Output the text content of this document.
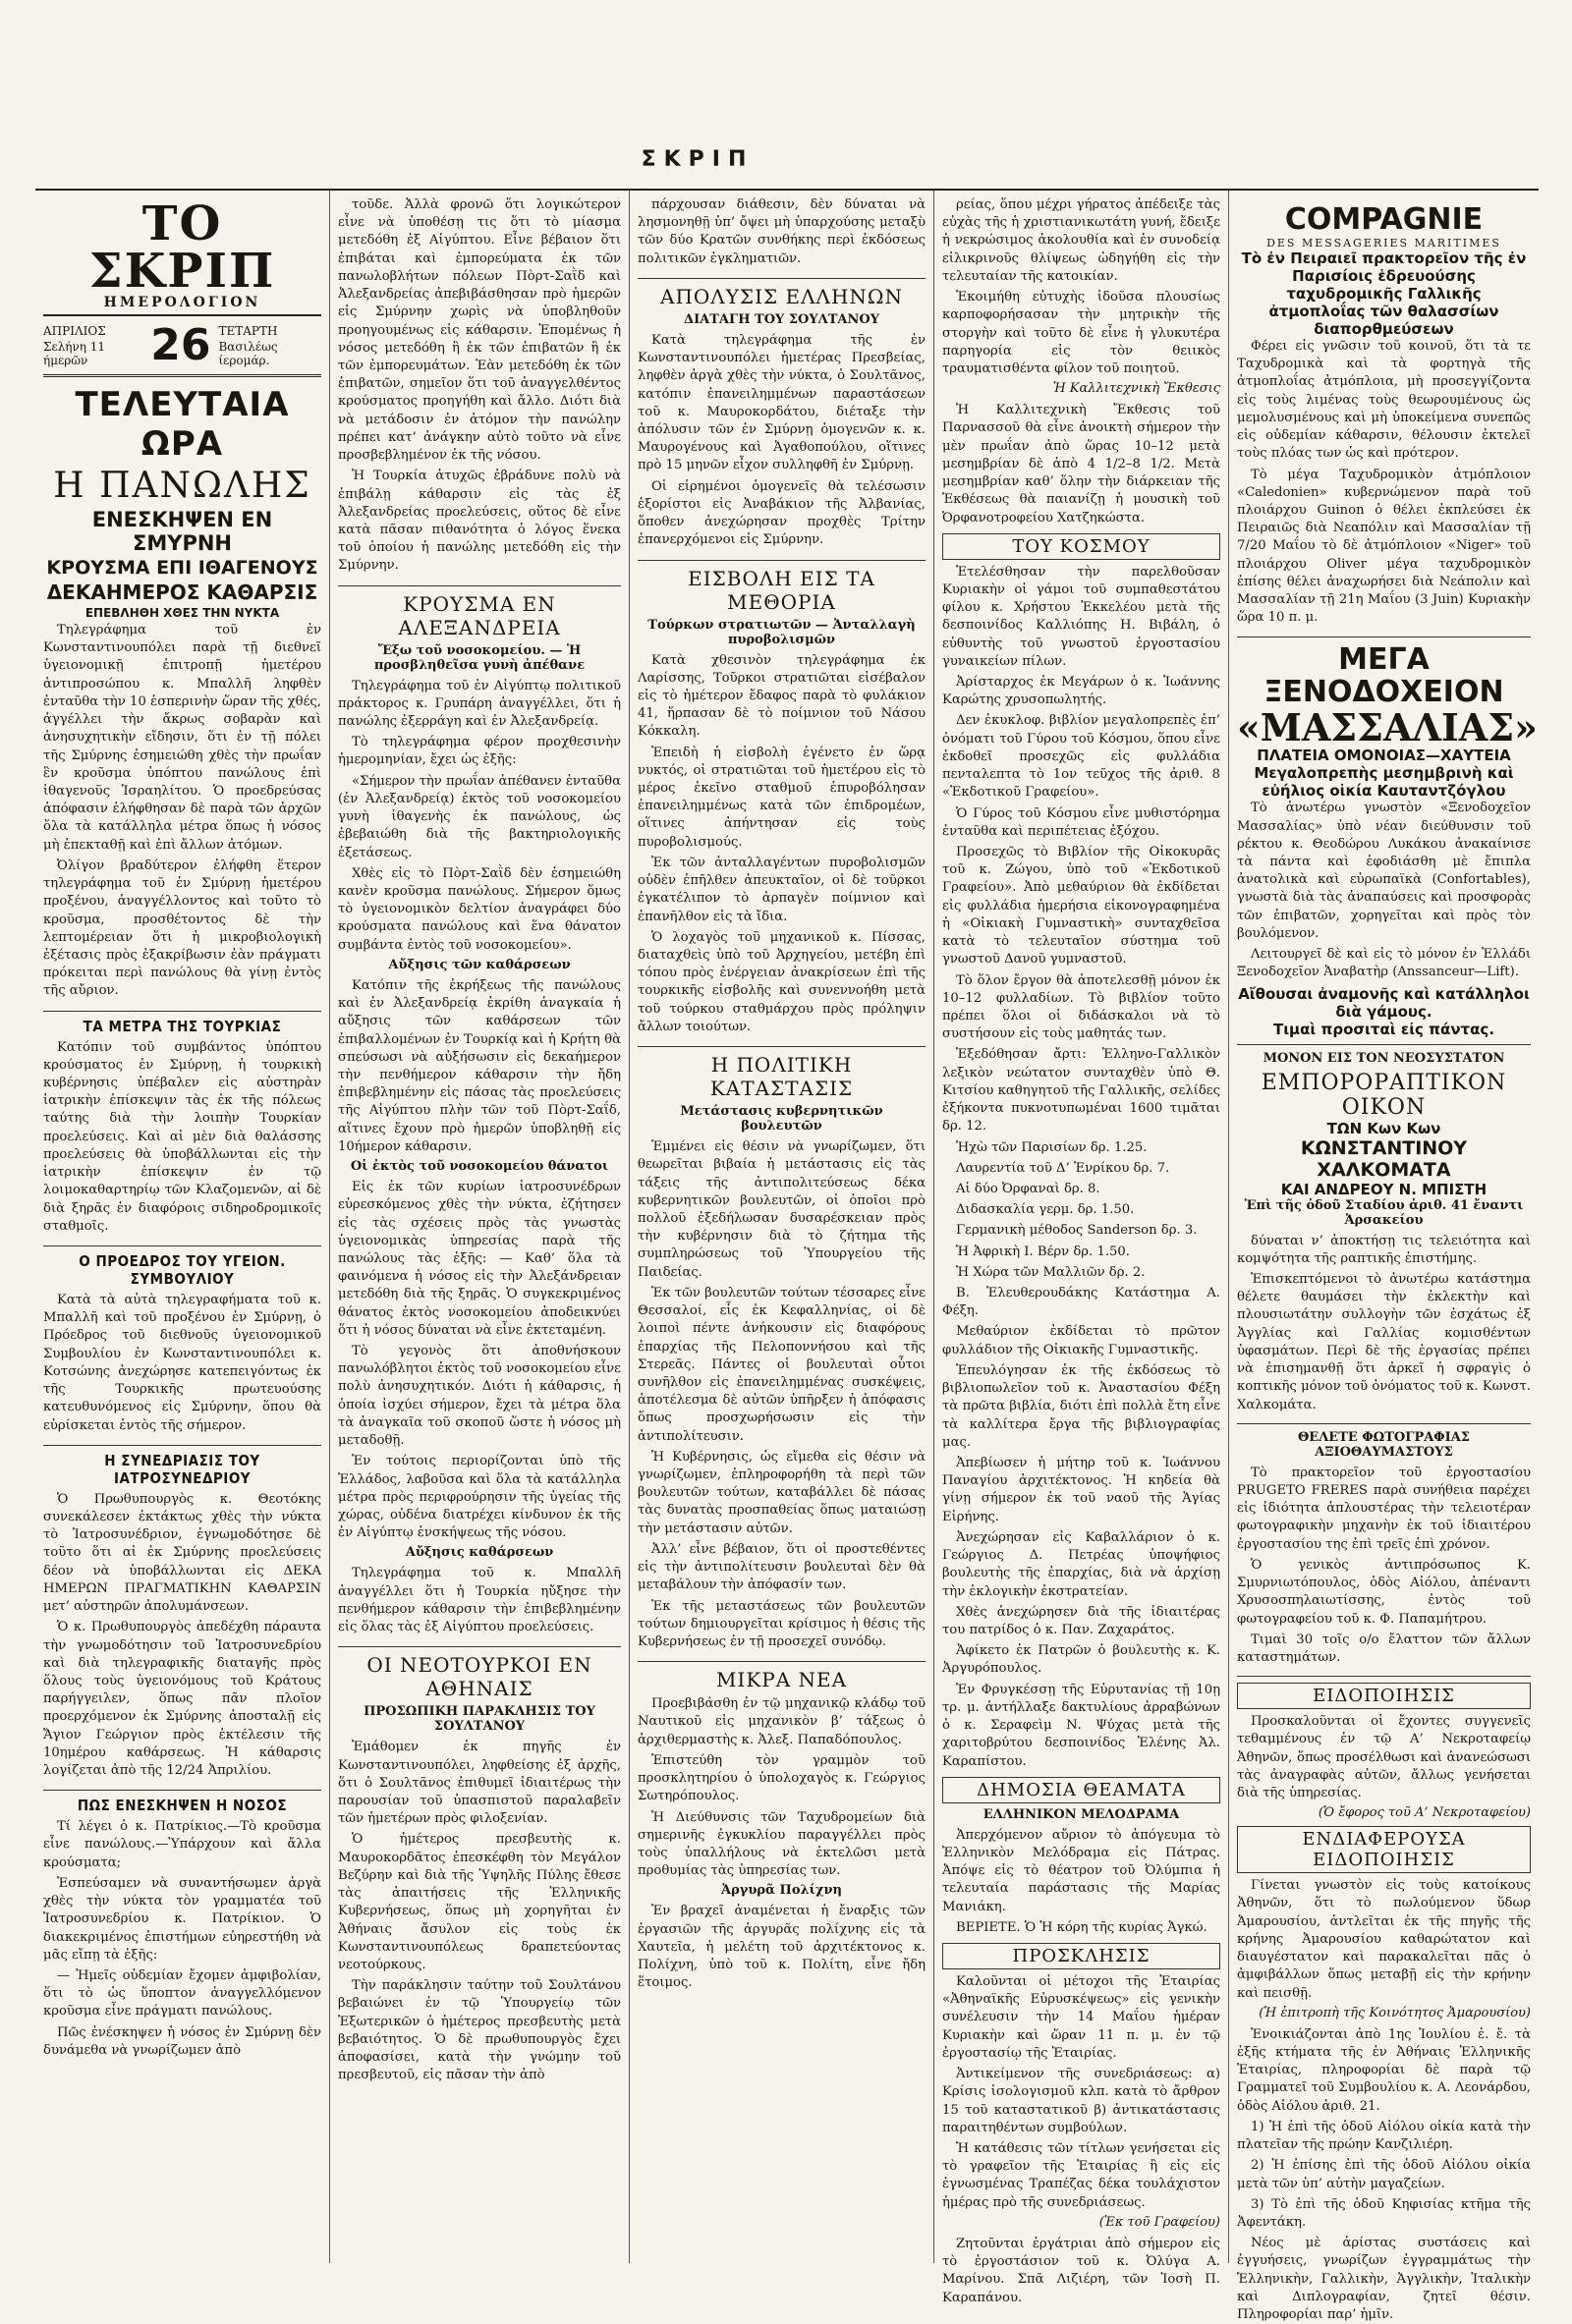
ΣΚΡΙΠ
ΤΟ ΣΚΡΙΠ
ΗΜΕΡΟΛΟΓΙΟΝ
ΑΠΡΙΛΙΟΣ
Σελήνη 11 ήμερῶν	26 ΤΕΤΑΡΤΗ
Βασιλέως ίερομάρ.
ΤΕΛΕΥΤΑΙΑ ΩΡΑ
Η ΠΑΝΩΛΗΣ
ΕΝΕΣΚΗΨΕΝ ΕΝ ΣΜΥΡΝΗ
ΚΡΟΥΣΜΑ ΕΠΙ ΙΘΑΓΕΝΟΥΣ
ΔΕΚΑΗΜΕΡΟΣ ΚΑΘΑΡΣΙΣ
ΕΠΕΒΛΗΘΗ ΧΘΕΣ ΤΗΝ ΝΥΚΤΑ

Τηλεγράφημα τοῦ ἐν Κωνσταντινουπόλει παρὰ τῇ διεθνεῖ ὑγειονομικῇ ἐπιτροπῇ ἡμετέρου ἀντιπροσώπου κ. Μπαλλῆ ληφθὲν ἐνταῦθα τὴν 10 ἑσπερινὴν ὥραν τῆς χθές, ἀγγέλλει τὴν ἄκρως σοβαρὰν καὶ ἀνησυχητικὴν εἴδησιν, ὅτι ἐν τῇ πόλει τῆς Σμύρνης ἐσημειώθη χθὲς τὴν πρωΐαν ἓν κροῦσμα ὑπόπτου πανώλους ἐπὶ ἰθαγενοῦς Ἰσραηλίτου. Ὁ προεδρεύσας ἀπόφασιν ἐλήφθησαν δὲ παρὰ τῶν ἀρχῶν ὅλα τὰ κατάλληλα μέτρα ὅπως ἡ νόσος μὴ ἐπεκταθῇ καὶ ἐπὶ ἄλλων ἀτόμων.

Ὀλίγον βραδύτερον ἐλήφθη ἕτερον τηλεγράφημα τοῦ ἐν Σμύρνῃ ἡμετέρου προξένου, ἀναγγέλλοντος καὶ τοῦτο τὸ κροῦσμα, προσθέτοντος δὲ τὴν λεπτομέρειαν ὅτι ἡ μικροβιολογικὴ ἐξέτασις πρὸς ἐξακρίβωσιν ἐὰν πράγματι πρόκειται περὶ πανώλους θὰ γίνῃ ἐντὸς τῆς αὔριον.

ΤΑ ΜΕΤΡΑ ΤΗΣ ΤΟΥΡΚΙΑΣ

Κατόπιν τοῦ συμβάντος ὑπόπτου κρούσματος ἐν Σμύρνῃ, ἡ τουρκικὴ κυβέρνησις ὑπέβαλεν εἰς αὐστηρὰν ἰατρικὴν ἐπίσκεψιν τὰς ἐκ τῆς πόλεως ταύτης διὰ τὴν λοιπὴν Τουρκίαν προελεύσεις. Καὶ αἱ μὲν διὰ θαλάσσης προελεύσεις θὰ ὑποβάλλωνται εἰς τὴν ἰατρικὴν ἐπίσκεψιν ἐν τῷ λοιμοκαθαρτηρίῳ τῶν Κλαζομενῶν, αἱ δὲ διὰ ξηρᾶς ἐν διαφόροις σιδηροδρομικοῖς σταθμοῖς.

Ο ΠΡΟΕΔΡΟΣ ΤΟΥ ΥΓΕΙΟΝ. ΣΥΜΒΟΥΛΙΟΥ

Κατὰ τὰ αὐτὰ τηλεγραφήματα τοῦ κ. Μπαλλῆ καὶ τοῦ προξένου ἐν Σμύρνῃ, ὁ Πρόεδρος τοῦ διεθνοῦς ὑγειονομικοῦ Συμβουλίου ἐν Κωνσταντινουπόλει κ. Κοτσώνης ἀνεχώρησε κατεπειγόντως ἐκ τῆς Τουρκικῆς πρωτευούσης κατευθυνόμενος εἰς Σμύρνην, ὅπου θὰ εὑρίσκεται ἐντὸς τῆς σήμερον.

Η ΣΥΝΕΔΡΙΑΣΙΣ ΤΟΥ ΙΑΤΡΟΣΥΝΕΔΡΙΟΥ

Ὁ Πρωθυπουργὸς κ. Θεοτόκης συνεκάλεσεν ἐκτάκτως χθὲς τὴν νύκτα τὸ Ἰατροσυνέδριον, ἐγνωμοδότησε δὲ τοῦτο ὅτι αἱ ἐκ Σμύρνης προελεύσεις δέον νὰ ὑποβάλλωνται εἰς ΔΕΚΑ ΗΜΕΡΩΝ ΠΡΑΓΜΑΤΙΚΗΝ ΚΑΘΑΡΣΙΝ μετ’ αὐστηρῶν ἀπολυμάνσεων.

Ὁ κ. Πρωθυπουργὸς ἀπεδέχθη πάραυτα τὴν γνωμοδότησιν τοῦ Ἰατροσυνεδρίου καὶ διὰ τηλεγραφικῆς διαταγῆς πρὸς ὅλους τοὺς ὑγειονόμους τοῦ Κράτους παρήγγειλεν, ὅπως πᾶν πλοῖον προερχόμενον ἐκ Σμύρνης ἀποσταλῇ εἰς Ἄγιον Γεώργιον πρὸς ἐκτέλεσιν τῆς 10ημέρου καθάρσεως. Ἡ κάθαρσις λογίζεται ἀπὸ τῆς 12/24 Ἀπριλίου.

ΠΩΣ ΕΝΕΣΚΗΨΕΝ Η ΝΟΣΟΣ

Τί λέγει ὁ κ. Πατρίκιος.—Τὸ κροῦσμα εἶνε πανώλους.—Ὑπάρχουν καὶ ἄλλα κρούσματα;

Ἐσπεύσαμεν νὰ συναντήσωμεν ἀργὰ χθὲς τὴν νύκτα τὸν γραμματέα τοῦ Ἰατροσυνεδρίου κ. Πατρίκιον. Ὁ διακεκριμένος ἐπιστήμων εὐηρεστήθη νὰ μᾶς εἴπῃ τὰ ἑξῆς:

— Ἡμεῖς οὐδεμίαν ἔχομεν ἀμφιβολίαν, ὅτι τὸ ὡς ὕποπτον ἀναγγελλόμενον κροῦσμα εἶνε πράγματι πανώλους.

Πῶς ἐνέσκηψεν ἡ νόσος ἐν Σμύρνῃ δὲν δυνάμεθα νὰ γνωρίζωμεν ἀπὸ

τοῦδε. Ἀλλὰ φρονῶ ὅτι λογικώτερον εἶνε νὰ ὑποθέσῃ τις ὅτι τὸ μίασμα μετεδόθη ἐξ Αἰγύπτου. Εἶνε βέβαιον ὅτι ἐπιβάται καὶ ἐμπορεύματα ἐκ τῶν πανωλοβλήτων πόλεων Πὸρτ-Σαῒδ καὶ Ἀλεξανδρείας ἀπεβιβάσθησαν πρὸ ἡμερῶν εἰς Σμύρνην χωρὶς νὰ ὑποβληθοῦν προηγουμένως εἰς κάθαρσιν. Ἑπομένως ἡ νόσος μετεδόθη ἢ ἐκ τῶν ἐπιβατῶν ἢ ἐκ τῶν ἐμπορευμάτων. Ἐὰν μετεδόθη ἐκ τῶν ἐπιβατῶν, σημεῖον ὅτι τοῦ ἀναγγελθέντος κρούσματος προηγήθη καὶ ἄλλο. Διότι διὰ νὰ μετάδοσιν ἐν ἀτόμον τὴν πανώλην πρέπει κατ’ ἀνάγκην αὐτὸ τοῦτο νὰ εἶνε προσβεβλημένον ἐκ τῆς νόσου.

Ἡ Τουρκία ἀτυχῶς ἐβράδυνε πολὺ νὰ ἐπιβάλῃ κάθαρσιν εἰς τὰς ἐξ Ἀλεξανδρείας προελεύσεις, οὕτος δὲ εἶνε κατὰ πᾶσαν πιθανότητα ὁ λόγος ἕνεκα τοῦ ὁποίου ἡ πανώλης μετεδόθη εἰς τὴν Σμύρνην.

ΚΡΟΥΣΜΑ ΕΝ ΑΛΕΞΑΝΔΡΕΙΑ
Ἔξω τοῦ νοσοκομείου. — Ἡ προσβληθεῖσα γυνὴ ἀπέθανε

Τηλεγράφημα τοῦ ἐν Αἰγύπτῳ πολιτικοῦ πράκτορος κ. Γρυπάρη ἀναγγέλλει, ὅτι ἡ πανώλης ἐξερράγη καὶ ἐν Ἀλεξανδρείᾳ.

Τὸ τηλεγράφημα φέρον προχθεσινὴν ἡμερομηνίαν, ἔχει ὡς ἑξῆς:

«Σήμερον τὴν πρωΐαν ἀπέθανεν ἐνταῦθα (ἐν Ἀλεξανδρείᾳ) ἐκτὸς τοῦ νοσοκομείου γυνὴ ἰθαγενὴς ἐκ πανώλους, ὡς ἐβεβαιώθη διὰ τῆς βακτηριολογικῆς ἐξετάσεως.

Χθὲς εἰς τὸ Πὸρτ-Σαῒδ δὲν ἐσημειώθη κανὲν κροῦσμα πανώλους. Σήμερον ὅμως τὸ ὑγειονομικὸν δελτίον ἀναγράφει δύο κρούσματα πανώλους καὶ ἕνα θάνατον συμβάντα ἐντὸς τοῦ νοσοκομείου».

Αὔξησις τῶν καθάρσεων

Κατόπιν τῆς ἐκρήξεως τῆς πανώλους καὶ ἐν Ἀλεξανδρείᾳ ἐκρίθη ἀναγκαία ἡ αὔξησις τῶν καθάρσεων τῶν ἐπιβαλλομένων ἐν Τουρκίᾳ καὶ ἡ Κρήτη θὰ σπεύσωσι νὰ αὐξήσωσιν εἰς δεκαήμερον τὴν πενθήμερον κάθαρσιν τὴν ἤδη ἐπιβεβλημένην εἰς πάσας τὰς προελεύσεις τῆς Αἰγύπτου πλὴν τῶν τοῦ Πὸρτ-Σαΐδ, αἵτινες ἔχουν πρὸ ἡμερῶν ὑποβληθῇ εἰς 10ήμερον κάθαρσιν.

Οἱ ἐκτὸς τοῦ νοσοκομείου θάνατοι

Εἰς ἐκ τῶν κυρίων ἰατροσυνέδρων εὑρεσκόμενος χθὲς τὴν νύκτα, ἐζήτησεν εἰς τὰς σχέσεις πρὸς τὰς γνωστὰς ὑγειονομικὰς ὑπηρεσίας παρὰ τῆς πανώλους τὰς ἑξῆς: — Καθ’ ὅλα τὰ φαινόμενα ἡ νόσος εἰς τὴν Ἀλεξάνδρειαν μετεδόθη διὰ τῆς ξηρᾶς. Ὁ συγκεκριμένος θάνατος ἐκτὸς νοσοκομείου ἀποδεικνύει ὅτι ἡ νόσος δύναται νὰ εἶνε ἐκτεταμένη.

Τὸ γεγονὸς ὅτι ἀποθνήσκουν πανωλόβλητοι ἐκτὸς τοῦ νοσοκομείου εἶνε πολὺ ἀνησυχητικόν. Διότι ἡ κάθαρσις, ἡ ὁποία ἰσχύει σήμερον, ἔχει τὰ μέτρα ὅλα τὰ ἀναγκαῖα τοῦ σκοποῦ ὥστε ἡ νόσος μὴ μεταδοθῇ.

Ἐν τούτοις περιορίζονται ὑπὸ τῆς Ἑλλάδος, λαβοῦσα καὶ ὅλα τὰ κατάλληλα μέτρα πρὸς περιφρούρησιν τῆς ὑγείας τῆς χώρας, οὐδένα διατρέχει κίνδυνον ἐκ τῆς ἐν Αἰγύπτῳ ἐνσκήψεως τῆς νόσου.

Αὔξησις καθάρσεων

Τηλεγράφημα τοῦ κ. Μπαλλῆ ἀναγγέλλει ὅτι ἡ Τουρκία ηὔξησε τὴν πενθήμερον κάθαρσιν τὴν ἐπιβεβλημένην εἰς ὅλας τὰς ἐξ Αἰγύπτου προελεύσεις.

ΟΙ ΝΕΟΤΟΥΡΚΟΙ ΕΝ ΑΘΗΝΑΙΣ
ΠΡΟΣΩΠΙΚΗ ΠΑΡΑΚΛΗΣΙΣ ΤΟΥ ΣΟΥΛΤΑΝΟΥ

Ἐμάθομεν ἐκ πηγῆς ἐν Κωνσταντινουπόλει, ληφθείσης ἐξ ἀρχῆς, ὅτι ὁ Σουλτᾶνος ἐπιθυμεῖ ἰδιαιτέρως τὴν παρουσίαν τοῦ ὑπασπιστοῦ παραλαβεῖν τῶν ἡμετέρων πρὸς φιλοξενίαν.

Ὁ ἡμέτερος πρεσβευτὴς κ. Μαυροκορδᾶτος ἐπεσκέφθη τὸν Μεγάλον Βεζύρην καὶ διὰ τῆς Ὑψηλῆς Πύλης ἔθεσε τὰς ἀπαιτήσεις τῆς Ἑλληνικῆς Κυβερνήσεως, ὅπως μὴ χορηγῆται ἐν Ἀθήναις ἄσυλον εἰς τοὺς ἐκ Κωνσταντινουπόλεως δραπετεύοντας νεοτούρκους.

Τὴν παράκλησιν ταύτην τοῦ Σουλτάνου βεβαιώνει ἐν τῷ Ὑπουργείῳ τῶν Ἐξωτερικῶν ὁ ἡμέτερος πρεσβευτὴς μετὰ βεβαιότητος. Ὁ δὲ πρωθυπουργὸς ἔχει ἀποφασίσει, κατὰ τὴν γνώμην τοῦ πρεσβευτοῦ, εἰς πᾶσαν τὴν ἀπὸ

πάρχουσαν διάθεσιν, δὲν δύναται νὰ λησμονηθῇ ὑπ’ ὄψει μὴ ὑπαρχούσης μεταξὺ τῶν δύο Κρατῶν συνθήκης περὶ ἐκδόσεως πολιτικῶν ἐγκληματιῶν.

ΑΠΟΛΥΣΙΣ ΕΛΛΗΝΩΝ
ΔΙΑΤΑΓΗ ΤΟΥ ΣΟΥΛΤΑΝΟΥ

Κατὰ τηλεγράφημα τῆς ἐν Κωνσταντινουπόλει ἡμετέρας Πρεσβείας, ληφθὲν ἀργὰ χθὲς τὴν νύκτα, ὁ Σουλτᾶνος, κατόπιν ἐπανειλημμένων παραστάσεων τοῦ κ. Μαυροκορδάτου, διέταξε τὴν ἀπόλυσιν τῶν ἐν Σμύρνῃ ὁμογενῶν κ. κ. Μαυρογένους καὶ Ἀγαθοπούλου, οἵτινες πρὸ 15 μηνῶν εἶχον συλληφθῆ ἐν Σμύρνῃ.

Οἱ εἰρημένοι ὁμογενεῖς θὰ τελέσωσιν ἐξορίστοι εἰς Ἀναβάκιον τῆς Ἀλβανίας, ὅποθεν ἀνεχώρησαν προχθὲς Τρίτην ἐπανερχόμενοι εἰς Σμύρνην.

ΕΙΣΒΟΛΗ ΕΙΣ ΤΑ ΜΕΘΟΡΙΑ
Τούρκων στρατιωτῶν — Ἀνταλλαγὴ πυροβολισμῶν

Κατὰ χθεσινὸν τηλεγράφημα ἐκ Λαρίσσης, Τοῦρκοι στρατιῶται εἰσέβαλον εἰς τὸ ἡμέτερον ἔδαφος παρὰ τὸ φυλάκιον 41, ἥρπασαν δὲ τὸ ποίμνιον τοῦ Νάσου Κόκκαλη.

Ἐπειδὴ ἡ εἰσβολὴ ἐγένετο ἐν ὥρᾳ νυκτός, οἱ στρατιῶται τοῦ ἡμετέρου εἰς τὸ μέρος ἐκεῖνο σταθμοῦ ἐπυροβόλησαν ἐπανειλημμένως κατὰ τῶν ἐπιδρομέων, οἵτινες ἀπήντησαν εἰς τοὺς πυροβολισμούς.

Ἐκ τῶν ἀνταλλαγέντων πυροβολισμῶν οὐδὲν ἐπῆλθεν ἀπευκταῖον, οἱ δὲ τοῦρκοι ἐγκατέλιπον τὸ ἁρπαγὲν ποίμνιον καὶ ἐπανῆλθον εἰς τὰ ἴδια.

Ὁ λοχαγὸς τοῦ μηχανικοῦ κ. Πίσσας, διαταχθεὶς ὑπὸ τοῦ Ἀρχηγείου, μετέβη ἐπὶ τόπου πρὸς ἐνέργειαν ἀνακρίσεων ἐπὶ τῆς τουρκικῆς εἰσβολῆς καὶ συνεννοήθη μετὰ τοῦ τούρκου σταθμάρχου πρὸς πρόληψιν ἄλλων τοιούτων.

Η ΠΟΛΙΤΙΚΗ ΚΑΤΑΣΤΑΣΙΣ
Μετάστασις κυβερνητικῶν βουλευτῶν

Ἐμμένει εἰς θέσιν νὰ γνωρίζωμεν, ὅτι θεωρεῖται βιβαία ἡ μετάστασις εἰς τὰς τάξεις τῆς ἀντιπολιτεύσεως δέκα κυβερνητικῶν βουλευτῶν, οἱ ὁποῖοι πρὸ πολλοῦ ἐξεδήλωσαν δυσαρέσκειαν πρὸς τὴν κυβέρνησιν διὰ τὸ ζήτημα τῆς συμπληρώσεως τοῦ Ὑπουργείου τῆς Παιδείας.

Ἐκ τῶν βουλευτῶν τούτων τέσσαρες εἶνε Θεσσαλοί, εἷς ἐκ Κεφαλληνίας, οἱ δὲ λοιποὶ πέντε ἀνήκουσιν εἰς διαφόρους ἐπαρχίας τῆς Πελοποννήσου καὶ τῆς Στερεᾶς. Πάντες οἱ βουλευταὶ οὗτοι συνῆλθον εἰς ἐπανειλημμένας συσκέψεις, ἀποτέλεσμα δὲ αὐτῶν ὑπῆρξεν ἡ ἀπόφασις ὅπως προσχωρήσωσιν εἰς τὴν ἀντιπολίτευσιν.

Ἡ Κυβέρνησις, ὡς εἴμεθα εἰς θέσιν νὰ γνωρίζωμεν, ἐπληροφορήθη τὰ περὶ τῶν βουλευτῶν τούτων, καταβάλλει δὲ πάσας τὰς δυνατὰς προσπαθείας ὅπως ματαιώσῃ τὴν μετάστασιν αὐτῶν.

Ἀλλ’ εἶνε βέβαιον, ὅτι οἱ προστεθέντες εἰς τὴν ἀντιπολίτευσιν βουλευταὶ δὲν θὰ μεταβάλουν τὴν ἀπόφασίν των.

Ἐκ τῆς μεταστάσεως τῶν βουλευτῶν τούτων δημιουργεῖται κρίσιμος ἡ θέσις τῆς Κυβερνήσεως ἐν τῇ προσεχεῖ συνόδῳ.

ΜΙΚΡΑ ΝΕΑ

Προεβιβάσθη ἐν τῷ μηχανικῷ κλάδῳ τοῦ Ναυτικοῦ εἰς μηχανικὸν β’ τάξεως ὁ ἀρχιθερμαστὴς κ. Ἀλεξ. Παπαδόπουλος.

Ἐπιστεύθη τὸν γραμμὸν τοῦ προσκλητηρίου ὁ ὑπολοχαγὸς κ. Γεώργιος Σωτηρόπουλος.

Ἡ Διεύθυνσις τῶν Ταχυδρομείων διὰ σημερινῆς ἐγκυκλίου παραγγέλλει πρὸς τοὺς ὑπαλλήλους νὰ ἐκτελῶσι μετὰ προθυμίας τὰς ὑπηρεσίας των.

Ἀργυρᾶ Πολίχνη

Ἐν βραχεῖ ἀναμένεται ἡ ἔναρξις τῶν ἐργασιῶν τῆς ἀργυρᾶς πολίχνης εἰς τὰ Χαυτεῖα, ἡ μελέτη τοῦ ἀρχιτέκτονος κ. Πολίχνη, ὑπὸ τοῦ κ. Πολίτη, εἶνε ἤδη ἕτοιμος.

ρείας, ὅπου μέχρι γήρατος ἀπέδειξε τὰς εὐχὰς τῆς ἡ χριστιανικωτάτη γυνή, ἔδειξε ἡ νεκρώσιμος ἀκολουθία καὶ ἐν συνοδείᾳ εἰλικρινοῦς θλίψεως ὡδηγήθη εἰς τὴν τελευταίαν τῆς κατοικίαν.

Ἐκοιμήθη εὐτυχὴς ἰδοῦσα πλουσίως καρποφορήσασαν τὴν μητρικὴν τῆς στοργὴν καὶ τοῦτο δὲ εἶνε ἡ γλυκυτέρα παρηγορία εἰς τὸν θειικὸς τραυματισθέντα φίλον τοῦ ποιητοῦ.

Ἡ Καλλιτεχνικὴ Ἔκθεσις

Ἡ Καλλιτεχνικὴ Ἔκθεσις τοῦ Παρνασσοῦ θὰ εἶνε ἀνοικτὴ σήμερον τὴν μὲν πρωΐαν ἀπὸ ὥρας 10–12 μετὰ μεσημβρίαν δὲ ἀπὸ 4 1/2–8 1/2. Μετὰ μεσημβρίαν καθ’ ὅλην τὴν διάρκειαν τῆς Ἐκθέσεως θὰ παιανίζῃ ἡ μουσικὴ τοῦ Ὀρφανοτροφείου Χατζηκώστα.

ΤΟΥ ΚΟΣΜΟΥ

Ἐτελέσθησαν τὴν παρελθοῦσαν Κυριακὴν οἱ γάμοι τοῦ συμπαθεστάτου φίλου κ. Χρήστου Ἐκκελέου μετὰ τῆς δεσποινίδος Καλλιόπης Η. Βιβάλη, ὁ εὐθυντὴς τοῦ γνωστοῦ ἐργοστασίου γυναικείων πίλων.

Ἀρίσταρχος ἐκ Μεγάρων ὁ κ. Ἰωάννης Καρώτης χρυσοπωλητής.

Δεν ἐκυκλοφ. βιβλίον μεγαλοπρεπὲς ἐπ’ ὀνόματι τοῦ Γύρου τοῦ Κόσμου, ὅπου εἶνε ἐκδοθεῖ προσεχῶς εἰς φυλλάδια πενταλεπτα τὸ 1ον τεῦχος τῆς ἀριθ. 8 «Ἐκδοτικοῦ Γραφείου».

Ὁ Γύρος τοῦ Κόσμου εἶνε μυθιστόρημα ἐνταῦθα καὶ περιπέτειας ἐξόχου.

Προσεχῶς τὸ Βιβλίον τῆς Οἰκοκυρᾶς τοῦ κ. Ζώγου, ὑπὸ τοῦ «Ἐκδοτικοῦ Γραφείου». Ἀπὸ μεθαύριον θὰ ἐκδίδεται εἰς φυλλάδια ἡμερήσια εἰκονογραφημένα ἡ «Οἰκιακὴ Γυμναστικὴ» συνταχθεῖσα κατὰ τὸ τελευταῖον σύστημα τοῦ γνωστοῦ Δανοῦ γυμναστοῦ.

Τὸ ὅλον ἔργον θὰ ἀποτελεσθῇ μόνον ἐκ 10–12 φυλλαδίων. Τὸ βιβλίον τοῦτο πρέπει ὅλοι οἱ διδάσκαλοι νὰ τὸ συστήσουν εἰς τοὺς μαθητάς των.

Ἐξεδόθησαν ἄρτι: Ἑλληνο-Γαλλικὸν λεξικὸν νεώτατον συνταχθὲν ὑπὸ Θ. Κιτσίου καθηγητοῦ τῆς Γαλλικῆς, σελίδες ἐξήκοντα πυκνοτυπωμέναι 1600 τιμᾶται δρ. 12.

Ἠχὼ τῶν Παρισίων δρ. 1.25.

Λαυρεντία τοῦ Δ’ Ἐνρίκου δρ. 7.

Αἱ δύο Ὀρφαναὶ δρ. 8.

Διδασκαλία γερμ. δρ. 1.50.

Γερμανικὴ μέθοδος Sanderson δρ. 3.

Ἡ Ἀφρικὴ Ι. Βέρν δρ. 1.50.

Ἡ Χώρα τῶν Μαλλιῶν δρ. 2.

Β. Ἐλευθερουδάκης Κατάστημα Α. Φέξη.

Μεθαύριον ἐκδίδεται τὸ πρῶτον φυλλάδιον τῆς Οἰκιακῆς Γυμναστικῆς.

Ἐπευλόγησαν ἐκ τῆς ἐκδόσεως τὸ βιβλιοπωλεῖον τοῦ κ. Ἀναστασίου Φέξη τὰ πρῶτα βιβλία, διότι ἐπὶ πολλὰ ἔτη εἶνε τὰ καλλίτερα ἔργα τῆς βιβλιογραφίας μας.

Ἀπεβίωσεν ἡ μήτηρ τοῦ κ. Ἰωάννου Παναγίου ἀρχιτέκτονος. Ἡ κηδεία θὰ γίνῃ σήμερον ἐκ τοῦ ναοῦ τῆς Ἁγίας Εἰρήνης.

Ἀνεχώρησαν εἰς Καβαλλάριον ὁ κ. Γεώργιος Δ. Πετρέας ὑποψήφιος βουλευτὴς τῆς ἐπαρχίας, διὰ νὰ ἀρχίσῃ τὴν ἐκλογικὴν ἐκστρατείαν.

Χθὲς ἀνεχώρησεν διὰ τῆς ἰδιαιτέρας του πατρίδος ὁ κ. Παν. Ζαχαράτος.

Ἀφίκετο ἐκ Πατρῶν ὁ βουλευτὴς κ. Κ. Ἀργυρόπουλος.

Ἐν Φρυγκέσσῃ τῆς Εὐρυτανίας τῇ 10ῃ τρ. μ. ἀντήλλαξε δακτυλίους ἀρραβώνων ὁ κ. Σεραφεὶμ Ν. Ψύχας μετὰ τῆς χαριτοβρύτου δεσποινίδος Ἑλένης Ἀλ. Καραπίστου.

ΔΗΜΟΣΙΑ ΘΕΑΜΑΤΑ
ΕΛΛΗΝΙΚΟΝ ΜΕΛΟΔΡΑΜΑ

Ἀπερχόμενον αὔριον τὸ ἀπόγευμα τὸ Ἑλληνικὸν Μελόδραμα εἰς Πάτρας. Ἀπόψε εἰς τὸ θέατρον τοῦ Ὀλύμπια ἡ τελευταία παράστασις τῆς Μαρίας Μανιάκη.

ΒΕΡΙΕΤΕ. Ὁ Ἡ κόρη τῆς κυρίας Ἀγκώ.

ΠΡΟΣΚΛΗΣΙΣ

Καλοῦνται οἱ μέτοχοι τῆς Ἑταιρίας «Ἀθηναϊκῆς Εὐρυσκέψεως» εἰς γενικὴν συνέλευσιν τὴν 14 Μαΐου ἡμέραν Κυριακὴν καὶ ὥραν 11 π. μ. ἐν τῷ ἐργοστασίῳ τῆς Ἑταιρίας.

Ἀντικείμενον τῆς συνεδριάσεως: α) Κρίσις ἰσολογισμοῦ κλπ. κατὰ τὸ ἄρθρον 15 τοῦ καταστατικοῦ β) ἀντικατάστασις παραιτηθέντων συμβούλων.

Ἡ κατάθεσις τῶν τίτλων γενήσεται εἰς τὸ γραφεῖον τῆς Ἑταιρίας ἢ εἰς εἰς ἐγνωσμένας Τραπέζας δέκα τουλάχιστον ἡμέρας πρὸ τῆς συνεδριάσεως.

(Ἐκ τοῦ Γραφείου)

Ζητοῦνται ἐργάτριαι ἀπὸ σήμερον εἰς τὸ ἐργοστάσιον τοῦ κ. Ὀλύγα Α. Μαρίνου. Σπᾶ Λιζιέρη, τῶν Ἰοσὴ Π. Καραπάνου.

COMPAGNIE
DES MESSAGERIES MARITIMES
Τὸ ἐν Πειραιεῖ πρακτορεῖον τῆς ἐν Παρισίοις ἑδρευούσης ταχυδρομικῆς Γαλλικῆς ἀτμοπλοΐας τῶν θαλασσίων διαπορθμεύσεων

Φέρει εἰς γνῶσιν τοῦ κοινοῦ, ὅτι τὰ τε Ταχυδρομικὰ καὶ τὰ φορτηγὰ τῆς ἀτμοπλοΐας ἀτμόπλοια, μὴ προσεγγίζοντα εἰς τοὺς λιμένας τοὺς θεωρουμένους ὡς μεμολυσμένους καὶ μὴ ὑποκείμενα συνεπῶς εἰς οὐδεμίαν κάθαρσιν, θέλουσιν ἐκτελεῖ τοὺς πλόας των ὡς καὶ πρότερον.

Τὸ μέγα Ταχυδρομικὸν ἀτμόπλοιον «Caledonien» κυβερνώμενον παρὰ τοῦ πλοιάρχου Guinon ὁ θέλει ἐκπλεύσει ἐκ Πειραιῶς διὰ Νεαπόλιν καὶ Μασσαλίαν τῇ 7/20 Μαΐου τὸ δὲ ἀτμόπλοιον «Niger» τοῦ πλοιάρχου Oliver μέγα ταχυδρομικὸν ἐπίσης θέλει ἀναχωρήσει διὰ Νεάπολιν καὶ Μασσαλίαν τῇ 21η Μαΐου (3 Juin) Κυριακὴν ὥρα 10 π. μ.

ΜΕΓΑ ΞΕΝΟΔΟΧΕΙΟΝ
«ΜΑΣΣΑΛΙΑΣ»
ΠΛΑΤΕΙΑ ΟΜΟΝΟΙΑΣ—ΧΑΥΤΕΙΑ
Μεγαλοπρεπὴς μεσημβρινὴ καὶ εὐήλιος οἰκία Καυταντζόγλου

Τὸ ἀνωτέρω γνωστὸν «Ξενοδοχεῖον Μασσαλίας» ὑπὸ νέαν διεύθυνσιν τοῦ ρέκτου κ. Θεοδώρου Λυκάκου ἀνακαίνισε τὰ πάντα καὶ ἐφοδιάσθη μὲ ἔπιπλα ἀνατολικὰ καὶ εὐρωπαϊκὰ (Confortables), γνωστὰ διὰ τὰς ἀναπαύσεις καὶ προσφορὰς τῶν ἐπιβατῶν, χορηγεῖται καὶ πρὸς τὸν βουλόμενον.

Λειτουργεῖ δὲ καὶ εἰς τὸ μόνον ἐν Ἑλλάδι Ξενοδοχεῖον Ἀναβατὴρ (Anssanceur—Lift).

Αἴθουσαι ἀναμονῆς καὶ κατάλληλοι διὰ γάμους.
Τιμαὶ προσιταὶ εἰς πάντας.
ΜΟΝΟΝ ΕΙΣ ΤΟΝ ΝΕΟΣΥΣΤΑΤΟΝ
ΕΜΠΟΡΟΡΑΠΤΙΚΟΝ ΟΙΚΟΝ
ΤΩΝ Κων Κων
ΚΩΝΣΤΑΝΤΙΝΟΥ ΧΑΛΚΟΜΑΤΑ
ΚΑΙ ΑΝΔΡΕΟΥ Ν. ΜΠΙΣΤΗ
Ἐπὶ τῆς ὁδοῦ Σταδίου ἀριθ. 41 ἔναντι Ἀρσακείου

δύναται ν’ ἀποκτήσῃ τις τελειότητα καὶ κομψότητα τῆς ραπτικῆς ἐπιστήμης.

Ἐπισκεπτόμενοι τὸ ἀνωτέρω κατάστημα θέλετε θαυμάσει τὴν ἐκλεκτὴν καὶ πλουσιωτάτην συλλογὴν τῶν ἐσχάτως ἐξ Ἀγγλίας καὶ Γαλλίας κομισθέντων ὑφασμάτων. Περὶ δὲ τῆς ἐργασίας πρέπει νὰ ἐπισημανθῇ ὅτι ἀρκεῖ ἡ σφραγὶς ὁ κοπτικῆς μόνον τοῦ ὀνόματος τοῦ κ. Κωνστ. Χαλκομάτα.

ΘΕΛΕΤΕ ΦΩΤΟΓΡΑΦΙΑΣ ΑΞΙΟΘΑΥΜΑΣΤΟΥΣ

Τὸ πρακτορεῖον τοῦ ἐργοστασίου PRUGETO FRERES παρὰ συνήθεια παρέχει εἰς ἰδιότητα ἁπλουστέρας τὴν τελειοτέραν φωτογραφικὴν μηχανὴν ἐκ τοῦ ἰδιαιτέρου ἐργοστασίου της ἐπὶ τρεῖς ἐπὶ χρόνον.

Ὁ γενικὸς ἀντιπρόσωπος Κ. Σμυρνιωτόπουλος, ὁδὸς Αἰόλου, ἀπέναντι Χρυσοσπηλαιωτίσσης, ἐντὸς τοῦ φωτογραφείου τοῦ κ. Φ. Παπαμήτρου.

Τιμαὶ 30 τοῖς ο/ο ἔλαττον τῶν ἄλλων καταστημάτων.

ΕΙΔΟΠΟΙΗΣΙΣ

Προσκαλοῦνται οἱ ἔχοντες συγγενεῖς τεθαμμένους ἐν τῷ Α’ Νεκροταφείῳ Ἀθηνῶν, ὅπως προσέλθωσι καὶ ἀνανεώσωσι τὰς ἀναγραφὰς αὐτῶν, ἄλλως γενήσεται διὰ τῆς ὑπηρεσίας.

(Ὁ ἔφορος τοῦ Α’ Νεκροταφείου)
ΕΝΔΙΑΦΕΡΟΥΣΑ ΕΙΔΟΠΟΙΗΣΙΣ

Γίνεται γνωστὸν εἰς τοὺς κατοίκους Ἀθηνῶν, ὅτι τὸ πωλούμενον ὕδωρ Ἀμαρουσίου, ἀντλεῖται ἐκ τῆς πηγῆς τῆς κρήνης Ἀμαρουσίου καθαρώτατον καὶ διαυγέστατον καὶ παρακαλεῖται πᾶς ὁ ἀμφιβάλλων ὅπως μεταβῇ εἰς τὴν κρήνην καὶ πεισθῇ.

(Ἡ ἐπιτροπὴ τῆς Κοινότητος Ἀμαρουσίου)

Ἐνοικιάζονται ἀπὸ 1ης Ἰουλίου ἐ. ἔ. τὰ ἑξῆς κτήματα τῆς ἐν Ἀθήναις Ἑλληνικῆς Ἐταιρίας, πληροφορίαι δὲ παρὰ τῷ Γραμματεῖ τοῦ Συμβουλίου κ. Α. Λεονάρδου, ὁδὸς Αἰόλου ἀριθ. 21.

1) Ἡ ἐπὶ τῆς ὁδοῦ Αἰόλου οἰκία κατὰ τὴν πλατεῖαν τῆς πρώην Κανζιλιέρη.

2) Ἡ ἐπίσης ἐπὶ τῆς ὁδοῦ Αἰόλου οἰκία μετὰ τῶν ὑπ’ αὐτὴν μαγαζείων.

3) Τὸ ἐπὶ τῆς ὁδοῦ Κηφισίας κτῆμα τῆς Ἀφεντάκη.

Νέος μὲ ἀρίστας συστάσεις καὶ ἐγγυήσεις, γνωρίζων ἐγγραμμάτως τὴν Ἑλληνικὴν, Γαλλικὴν, Ἀγγλικὴν, Ἰταλικὴν καὶ Διπλογραφίαν, ζητεῖ θέσιν. Πληροφορίαι παρ’ ἡμῖν.
